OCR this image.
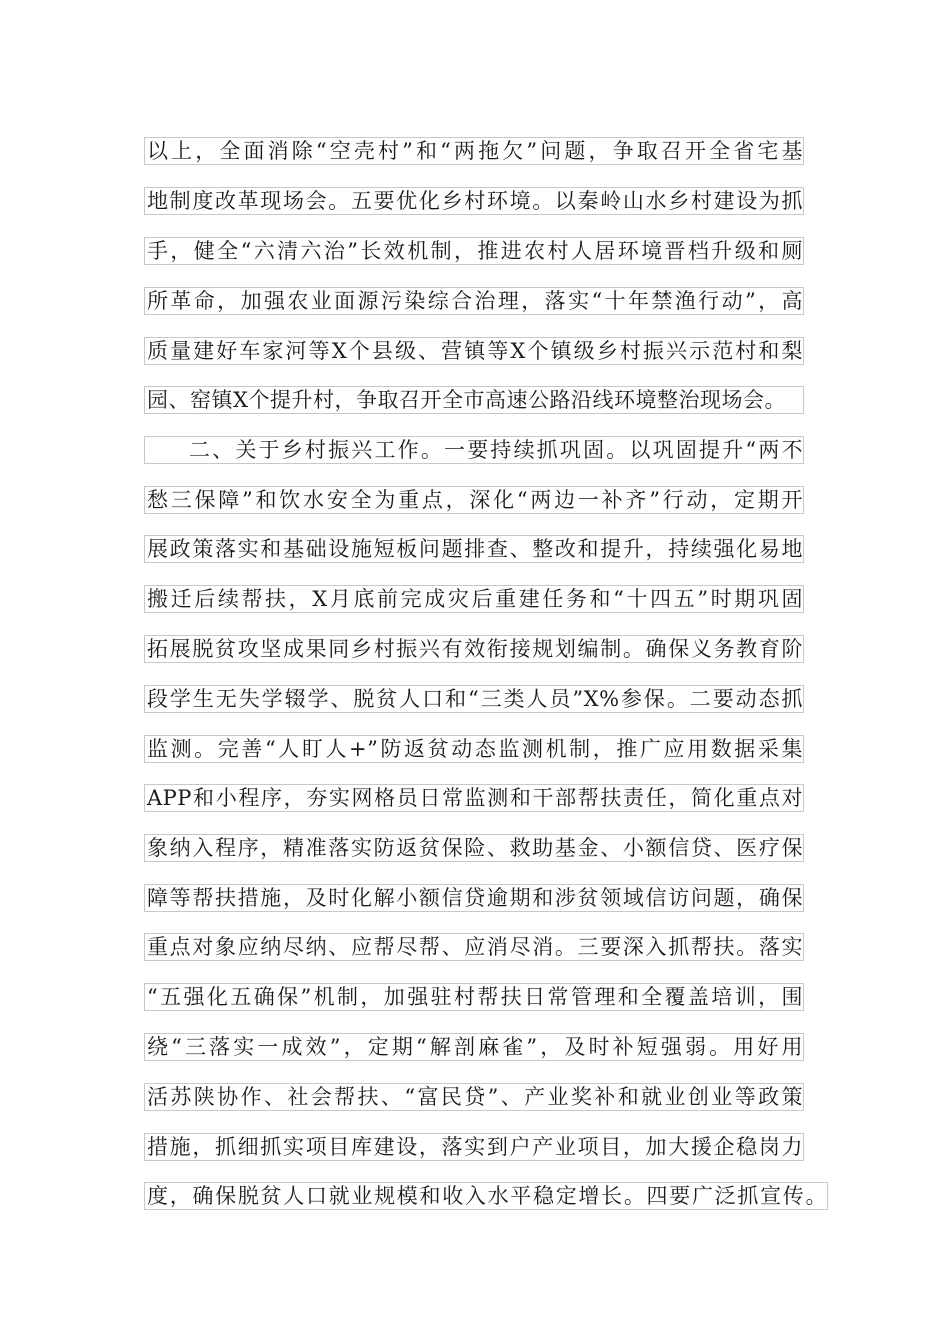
以上，全面消除“空壳村”和“两拖欠”问题，争取召开全省宅基
地制度改革现场会。五要优化乡村环境。以秦岭山水乡村建设为抓
手，健全“六清六治”长效机制，推进农村人居环境晋档升级和厕
所革命，加强农业面源污染综合治理，落实“十年禁渔行动”，高
质量建好车家河等X个县级、营镇等X个镇级乡村振兴示范村和梨
园、窑镇X个提升村，争取召开全市高速公路沿线环境整治现场会。
二、关于乡村振兴工作。一要持续抓巩固。以巩固提升“两不
愁三保障”和饮水安全为重点，深化“两边一补齐”行动，定期开
展政策落实和基础设施短板问题排查、整改和提升，持续强化易地
搬迁后续帮扶，X月底前完成灾后重建任务和“十四五”时期巩固
拓展脱贫攻坚成果同乡村振兴有效衔接规划编制。确保义务教育阶
段学生无失学辍学、脱贫人口和“三类人员”X%参保。二要动态抓
监测。完善“人盯人+”防返贫动态监测机制，推广应用数据采集
APP和小程序，夯实网格员日常监测和干部帮扶责任，简化重点对
象纳入程序，精准落实防返贫保险、救助基金、小额信贷、医疗保
障等帮扶措施，及时化解小额信贷逾期和涉贫领域信访问题，确保
重点对象应纳尽纳、应帮尽帮、应消尽消。三要深入抓帮扶。落实
“五强化五确保”机制，加强驻村帮扶日常管理和全覆盖培训，围
绕“三落实一成效”，定期“解剖麻雀”，及时补短强弱。用好用
活苏陕协作、社会帮扶、“富民贷”、产业奖补和就业创业等政策
措施，抓细抓实项目库建设，落实到户产业项目，加大援企稳岗力
度，确保脱贫人口就业规模和收入水平稳定增长。四要广泛抓宣传。
